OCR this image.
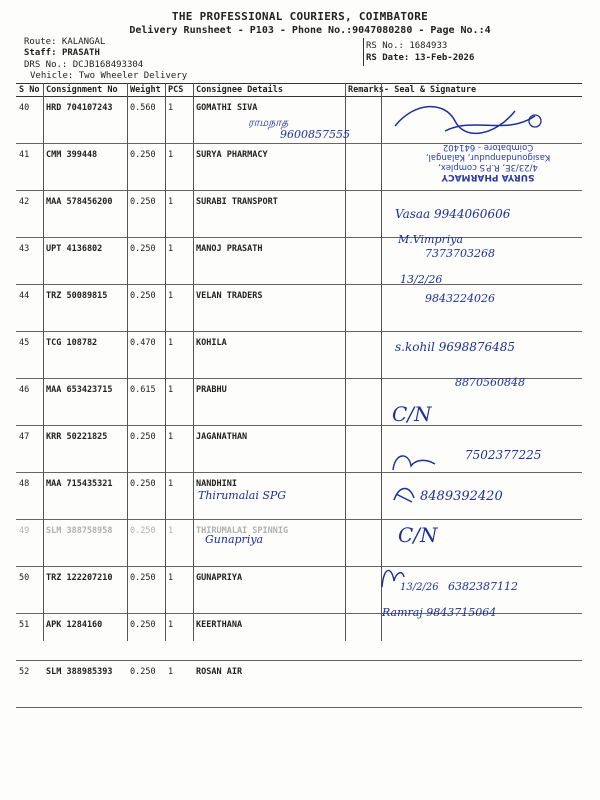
THE PROFESSIONAL COURIERS, COIMBATORE
Delivery Runsheet - P103 - Phone No.:9047080280 - Page No.:4
Route: KALANGAL
Staff: PRASATH
DRS No.: DCJB168493304
Vehicle: Two Wheeler Delivery
RS No.: 1684933
RS Date: 13-Feb-2026
S No	Consignment No	Weight	PCS	Consignee Details	Remarks	- Seal & Signature
40	HRD 704107243	0.560	1	GOMATHI SIVA		
41	CMM 399448	0.250	1	SURYA PHARMACY		
42	MAA 578456200	0.250	1	SURABI TRANSPORT		
43	UPT 4136802	0.250	1	MANOJ PRASATH		
44	TRZ 50089815	0.250	1	VELAN TRADERS		
45	TCG 108782	0.470	1	KOHILA		
46	MAA 653423715	0.615	1	PRABHU		
47	KRR 50221825	0.250	1	JAGANATHAN		
48	MAA 715435321	0.250	1	NANDHINI		
49	SLM 388758958	0.250	1	THIRUMALAI SPINNIG		
50	TRZ 122207210	0.250	1	GUNAPRIYA		
51	APK 1284160	0.250	1	KEERTHANA		
52	SLM 388985393	0.250	1	ROSAN AIR		
SURYA PHARMACY
4/23/3E, R.P.S complex,
Kasigoundanpudur, Kalangal,
Coimbatore - 641402
ராமநாத
9600857555
Vasaa 9944060606
M.Vimpriya
7373703268
13/2/26
9843224026
s.kohil 9698876485
8870560848
C/N
7502377225
Thirumalai SPG	8489392420
Gunapriya	C/N
13/2/26 6382387112
Ramraj 9843715064
